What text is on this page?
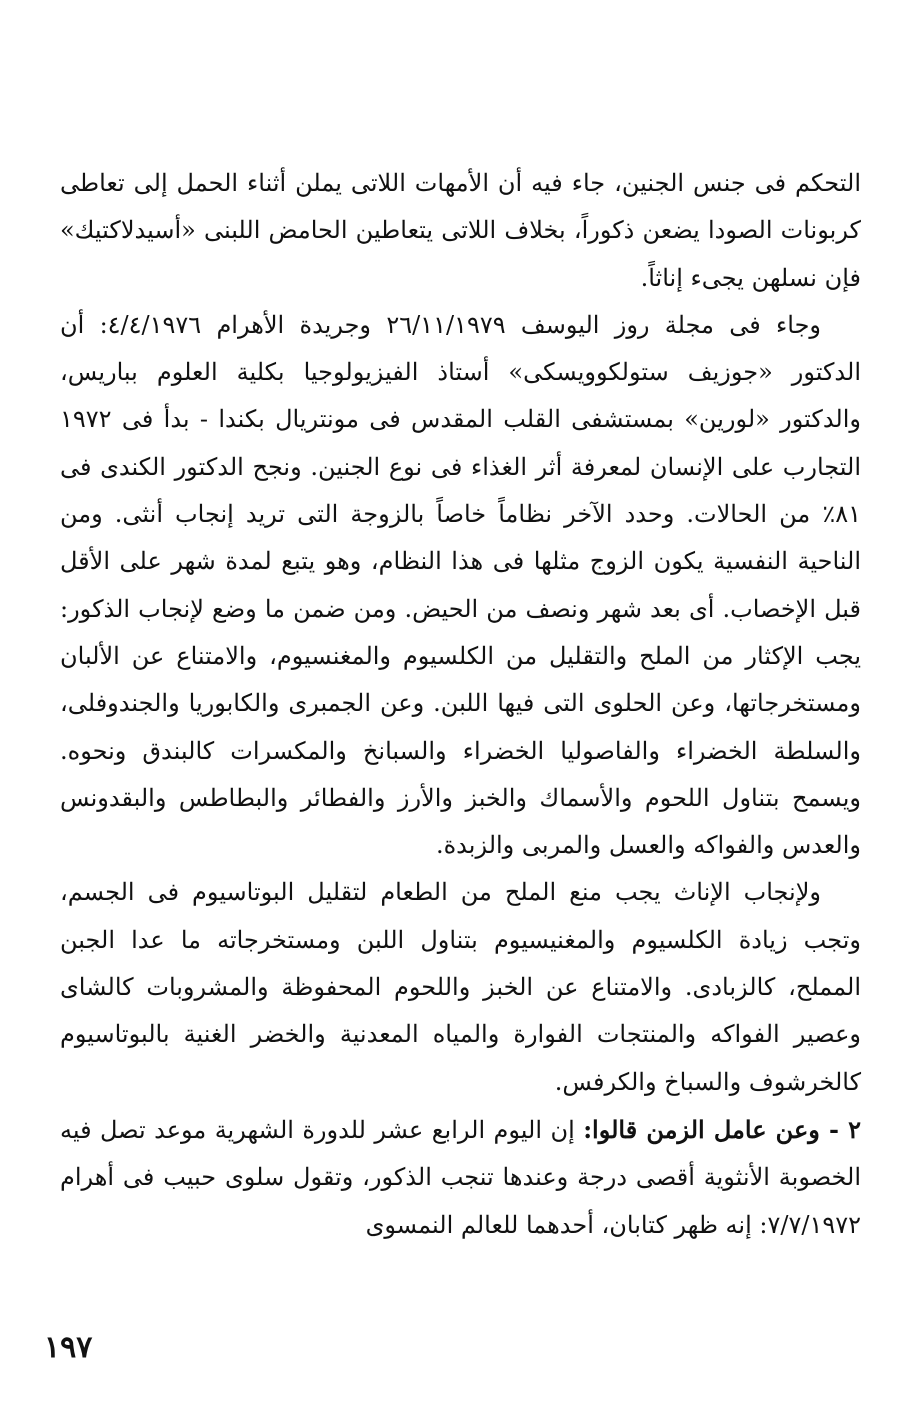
التحكم فى جنس الجنين، جاء فيه أن الأمهات اللاتى يملن أثناء الحمل إلى تعاطى كربونات الصودا يضعن ذكوراً، بخلاف اللاتى يتعاطين الحامض اللبنى «أسيدلاكتيك» فإن نسلهن يجىء إناثاً.

وجاء فى مجلة روز اليوسف ٢٦/١١/١٩٧٩ وجريدة الأهرام ٤/٤/١٩٧٦: أن الدكتور «جوزيف ستولكوويسكى» أستاذ الفيزيولوجيا بكلية العلوم بباريس، والدكتور «لورين» بمستشفى القلب المقدس فى مونتريال بكندا - بدأ فى ١٩٧٢ التجارب على الإنسان لمعرفة أثر الغذاء فى نوع الجنين. ونجح الدكتور الكندى فى ٨١٪ من الحالات. وحدد الآخر نظاماً خاصاً بالزوجة التى تريد إنجاب أنثى. ومن الناحية النفسية يكون الزوج مثلها فى هذا النظام، وهو يتبع لمدة شهر على الأقل قبل الإخصاب. أى بعد شهر ونصف من الحيض. ومن ضمن ما وضع لإنجاب الذكور: يجب الإكثار من الملح والتقليل من الكلسيوم والمغنسيوم، والامتناع عن الألبان ومستخرجاتها، وعن الحلوى التى فيها اللبن. وعن الجمبرى والكابوريا والجندوفلى، والسلطة الخضراء والفاصوليا الخضراء والسبانخ والمكسرات كالبندق ونحوه. ويسمح بتناول اللحوم والأسماك والخبز والأرز والفطائر والبطاطس والبقدونس والعدس والفواكه والعسل والمربى والزبدة.

ولإنجاب الإناث يجب منع الملح من الطعام لتقليل البوتاسيوم فى الجسم، وتجب زيادة الكلسيوم والمغنيسيوم بتناول اللبن ومستخرجاته ما عدا الجبن المملح، كالزبادى. والامتناع عن الخبز واللحوم المحفوظة والمشروبات كالشاى وعصير الفواكه والمنتجات الفوارة والمياه المعدنية والخضر الغنية بالبوتاسيوم كالخرشوف والسباخ والكرفس.

٢ - وعن عامل الزمن قالوا: إن اليوم الرابع عشر للدورة الشهرية موعد تصل فيه الخصوبة الأنثوية أقصى درجة وعندها تنجب الذكور، وتقول سلوى حبيب فى أهرام ٧/٧/١٩٧٢: إنه ظهر كتابان، أحدهما للعالم النمسوى

١٩٧
